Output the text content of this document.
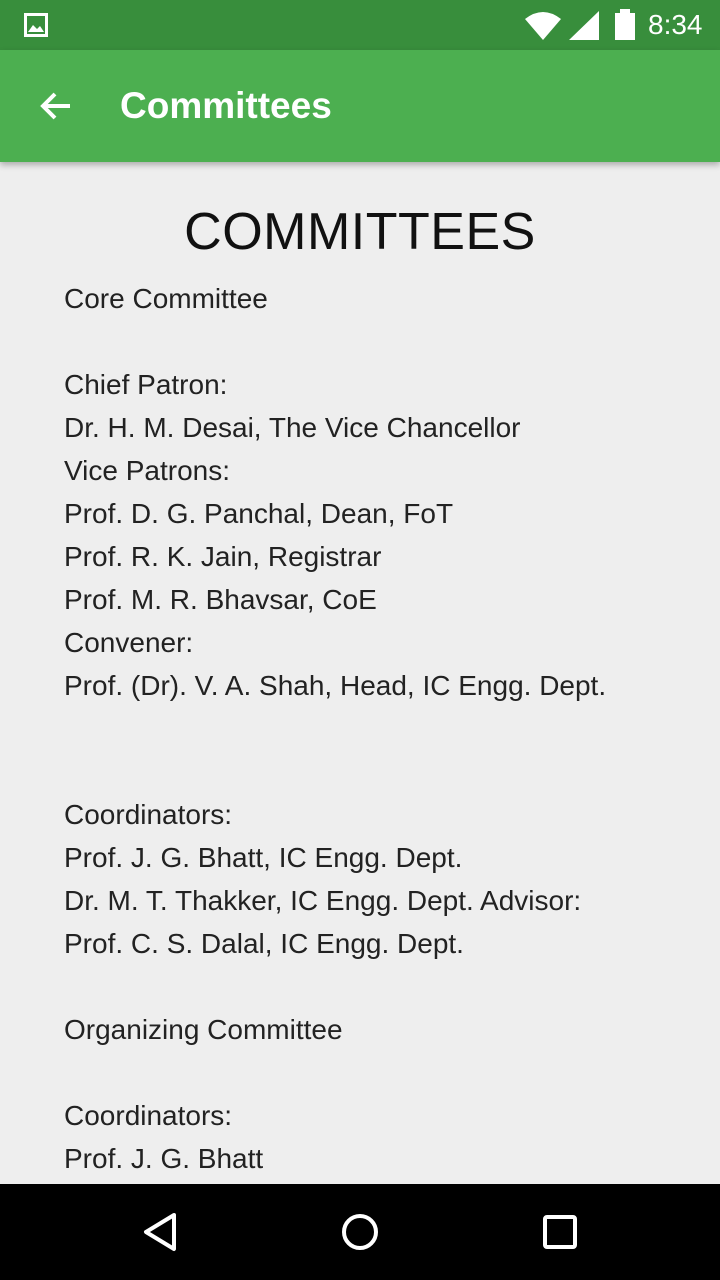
8:34
Committees
COMMITTEES
Core Committee
Chief Patron:
Dr. H. M. Desai, The Vice Chancellor
Vice Patrons:
Prof. D. G. Panchal, Dean, FoT
Prof. R. K. Jain, Registrar
Prof. M. R. Bhavsar, CoE
Convener:
Prof. (Dr). V. A. Shah, Head, IC Engg. Dept.
Coordinators:
Prof. J. G. Bhatt, IC Engg. Dept.
Dr. M. T. Thakker, IC Engg. Dept. Advisor:
Prof. C. S. Dalal, IC Engg. Dept.
Organizing Committee
Coordinators:
Prof. J. G. Bhatt
